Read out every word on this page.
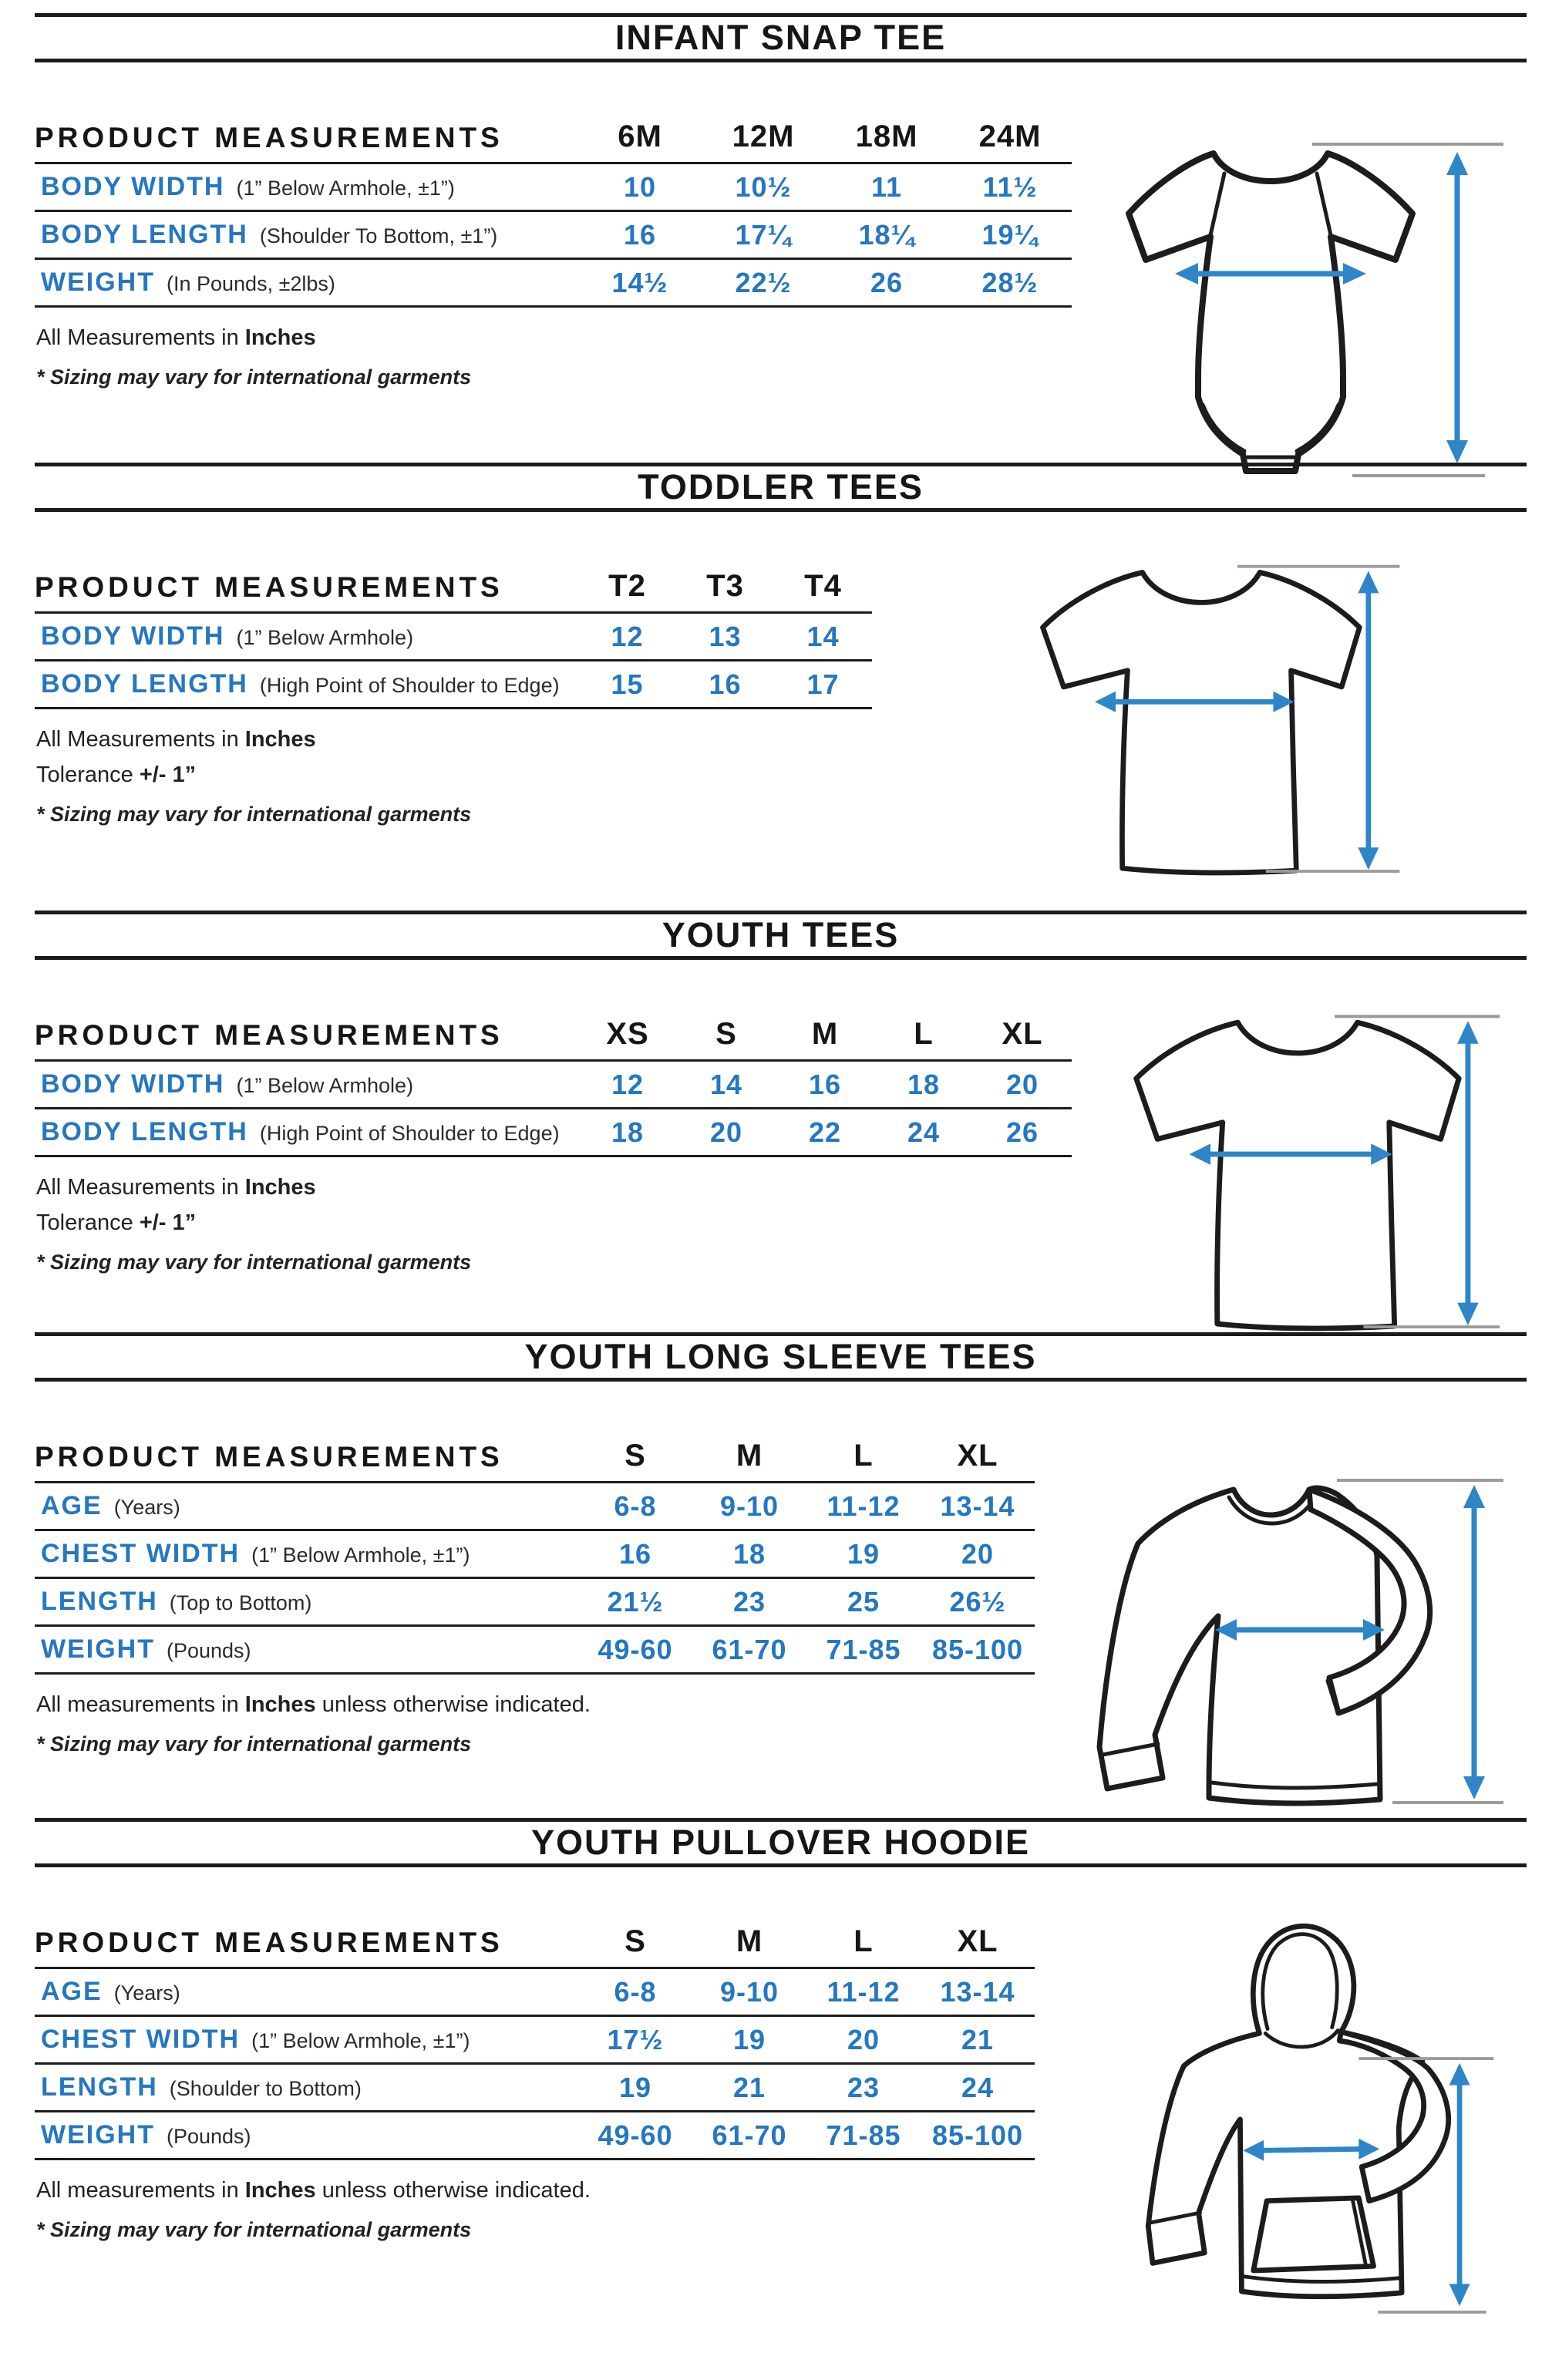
INFANT SNAP TEE
PRODUCT MEASUREMENTS	6M	12M	18M	24M
BODY WIDTH (1” Below Armhole, ±1”)	10	10½	11	11½
BODY LENGTH (Shoulder To Bottom, ±1”)	16	17¼	18¼	19¼
WEIGHT (In Pounds, ±2lbs)	14½	22½	26	28½

All Measurements in Inches

* Sizing may vary for international garments

TODDLER TEES
PRODUCT MEASUREMENTS	T2	T3	T4
BODY WIDTH (1” Below Armhole)	12	13	14
BODY LENGTH (High Point of Shoulder to Edge)	15	16	17

All Measurements in Inches

Tolerance +/- 1”

* Sizing may vary for international garments

YOUTH TEES
PRODUCT MEASUREMENTS	XS	S	M	L	XL
BODY WIDTH (1” Below Armhole)	12	14	16	18	20
BODY LENGTH (High Point of Shoulder to Edge)	18	20	22	24	26

All Measurements in Inches

Tolerance +/- 1”

* Sizing may vary for international garments

YOUTH LONG SLEEVE TEES
PRODUCT MEASUREMENTS	S	M	L	XL
AGE (Years)	6-8	9-10	11-12	13-14
CHEST WIDTH (1” Below Armhole, ±1”)	16	18	19	20
LENGTH (Top to Bottom)	21½	23	25	26½
WEIGHT (Pounds)	49-60	61-70	71-85	85-100

All measurements in Inches unless otherwise indicated.

* Sizing may vary for international garments

YOUTH PULLOVER HOODIE
PRODUCT MEASUREMENTS	S	M	L	XL
AGE (Years)	6-8	9-10	11-12	13-14
CHEST WIDTH (1” Below Armhole, ±1”)	17½	19	20	21
LENGTH (Shoulder to Bottom)	19	21	23	24
WEIGHT (Pounds)	49-60	61-70	71-85	85-100

All measurements in Inches unless otherwise indicated.

* Sizing may vary for international garments
